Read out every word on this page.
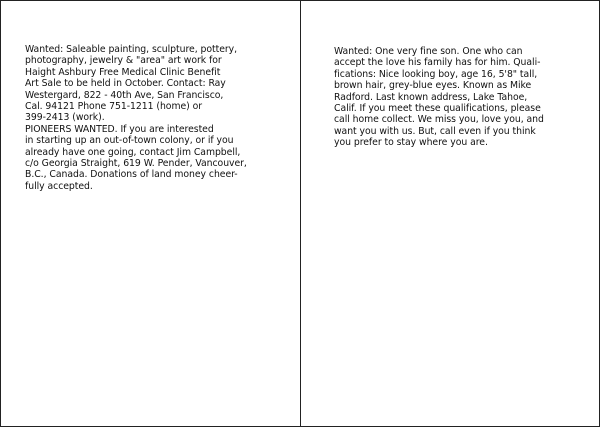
Wanted: Saleable painting, sculpture, pottery,
photography, jewelry & "area" art work for
Haight Ashbury Free Medical Clinic Benefit
Art Sale to be held in October. Contact: Ray
Westergard, 822 - 40th Ave, San Francisco,
Cal. 94121 Phone 751-1211 (home) or
399-2413 (work).

PIONEERS WANTED. If you are interested
in starting up an out-of-town colony, or if you
already have one going, contact Jim Campbell,
c/o Georgia Straight, 619 W. Pender, Vancouver,
B.C., Canada. Donations of land money cheer-
fully accepted.

Wanted: One very fine son. One who can
accept the love his family has for him. Quali-
fications: Nice looking boy, age 16, 5'8" tall,
brown hair, grey-blue eyes. Known as Mike
Radford. Last known address, Lake Tahoe,
Calif. If you meet these qualifications, please
call home collect. We miss you, love you, and
want you with us. But, call even if you think
you prefer to stay where you are.
